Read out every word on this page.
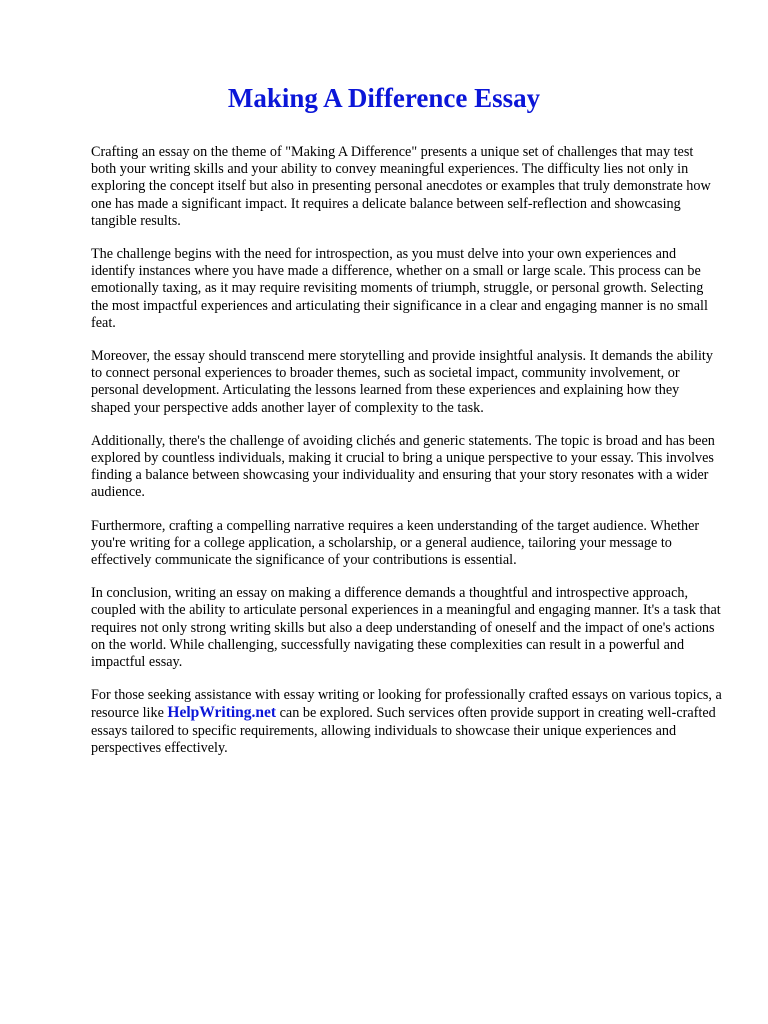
Making A Difference Essay

Crafting an essay on the theme of "Making A Difference" presents a unique set of challenges that may test both your writing skills and your ability to convey meaningful experiences. The difficulty lies not only in exploring the concept itself but also in presenting personal anecdotes or examples that truly demonstrate how one has made a significant impact. It requires a delicate balance between self-reflection and showcasing tangible results.

The challenge begins with the need for introspection, as you must delve into your own experiences and identify instances where you have made a difference, whether on a small or large scale. This process can be emotionally taxing, as it may require revisiting moments of triumph, struggle, or personal growth. Selecting the most impactful experiences and articulating their significance in a clear and engaging manner is no small feat.

Moreover, the essay should transcend mere storytelling and provide insightful analysis. It demands the ability to connect personal experiences to broader themes, such as societal impact, community involvement, or personal development. Articulating the lessons learned from these experiences and explaining how they shaped your perspective adds another layer of complexity to the task.

Additionally, there's the challenge of avoiding clichés and generic statements. The topic is broad and has been explored by countless individuals, making it crucial to bring a unique perspective to your essay. This involves finding a balance between showcasing your individuality and ensuring that your story resonates with a wider audience.

Furthermore, crafting a compelling narrative requires a keen understanding of the target audience. Whether you're writing for a college application, a scholarship, or a general audience, tailoring your message to effectively communicate the significance of your contributions is essential.

In conclusion, writing an essay on making a difference demands a thoughtful and introspective approach, coupled with the ability to articulate personal experiences in a meaningful and engaging manner. It's a task that requires not only strong writing skills but also a deep understanding of oneself and the impact of one's actions on the world. While challenging, successfully navigating these complexities can result in a powerful and impactful essay.

For those seeking assistance with essay writing or looking for professionally crafted essays on various topics, a resource like HelpWriting.net can be explored. Such services often provide support in creating well-crafted essays tailored to specific requirements, allowing individuals to showcase their unique experiences and perspectives effectively.
